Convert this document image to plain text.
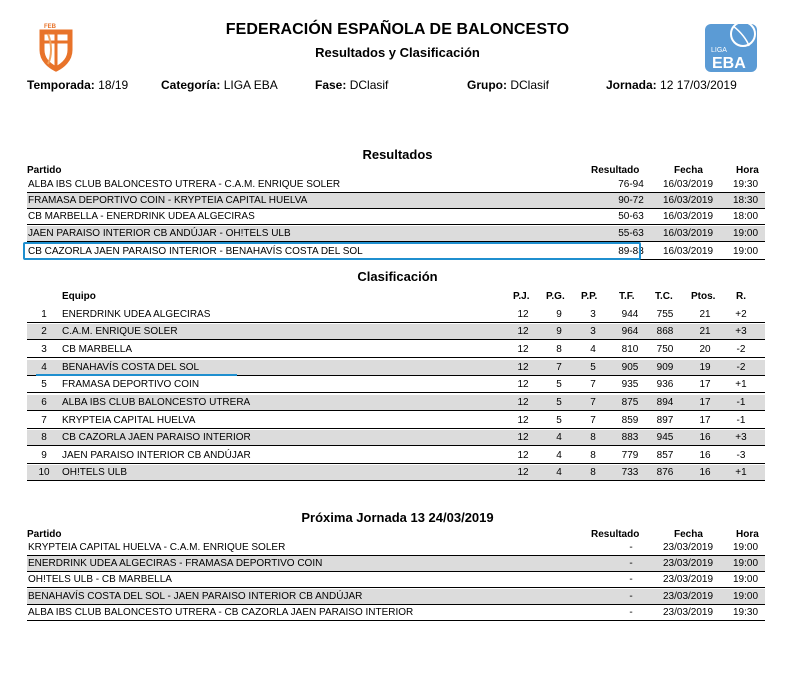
FEB	FEDERACIÓN ESPAÑOLA DE BALONCESTO
Resultados y Clasificación	LIGA
EBA
Temporada: 18/19	Categoría: LIGA EBA	Fase: DClasif	Grupo: DClasif	Jornada: 12 17/03/2019
Resultados
Partido	Resultado	Fecha	Hora
ALBA IBS CLUB BALONCESTO UTRERA - C.A.M. ENRIQUE SOLER	76-94	16/03/2019 19:30
FRAMASA DEPORTIVO COIN - KRYPTEIA CAPITAL HUELVA	90-72	16/03/2019 18:30
CB MARBELLA - ENERDRINK UDEA ALGECIRAS	50-63	16/03/2019 18:00
JAEN PARAISO INTERIOR CB ANDÚJAR - OH!TELS ULB	55-63	16/03/2019 19:00
CB CAZORLA JAEN PARAISO INTERIOR - BENAHAVÍS COSTA DEL SOL	89-83	16/03/2019 19:00
Clasificación
Equipo	P.J. P.G. P.P. T.F. T.C. Ptos. R.
1	ENERDRINK UDEA ALGECIRAS	12	9	3	944	755	21	+2
2	C.A.M. ENRIQUE SOLER	12	9	3	964	868	21	+3
3	CB MARBELLA	12	8	4	810	750	20	-2
4	BENAHAVÍS COSTA DEL SOL	12	7	5	905	909	19	-2
5	FRAMASA DEPORTIVO COIN	12	5	7	935	936	17	+1
6	ALBA IBS CLUB BALONCESTO UTRERA	12	5	7	875	894	17	-1
7	KRYPTEIA CAPITAL HUELVA	12	5	7	859	897	17	-1
8	CB CAZORLA JAEN PARAISO INTERIOR	12	4	8	883	945	16	+3
9	JAEN PARAISO INTERIOR CB ANDÚJAR	12	4	8	779	857	16	-3
10	OH!TELS ULB	12	4	8	733	876	16	+1
Próxima Jornada 13 24/03/2019
Partido	Resultado	Fecha	Hora
KRYPTEIA CAPITAL HUELVA - C.A.M. ENRIQUE SOLER	-	23/03/2019 19:00
ENERDRINK UDEA ALGECIRAS - FRAMASA DEPORTIVO COIN	-	23/03/2019 19:00
OH!TELS ULB - CB MARBELLA	-	23/03/2019 19:00
BENAHAVÍS COSTA DEL SOL - JAEN PARAISO INTERIOR CB ANDÚJAR	-	23/03/2019 19:00
ALBA IBS CLUB BALONCESTO UTRERA - CB CAZORLA JAEN PARAISO INTERIOR	-	23/03/2019 19:30
